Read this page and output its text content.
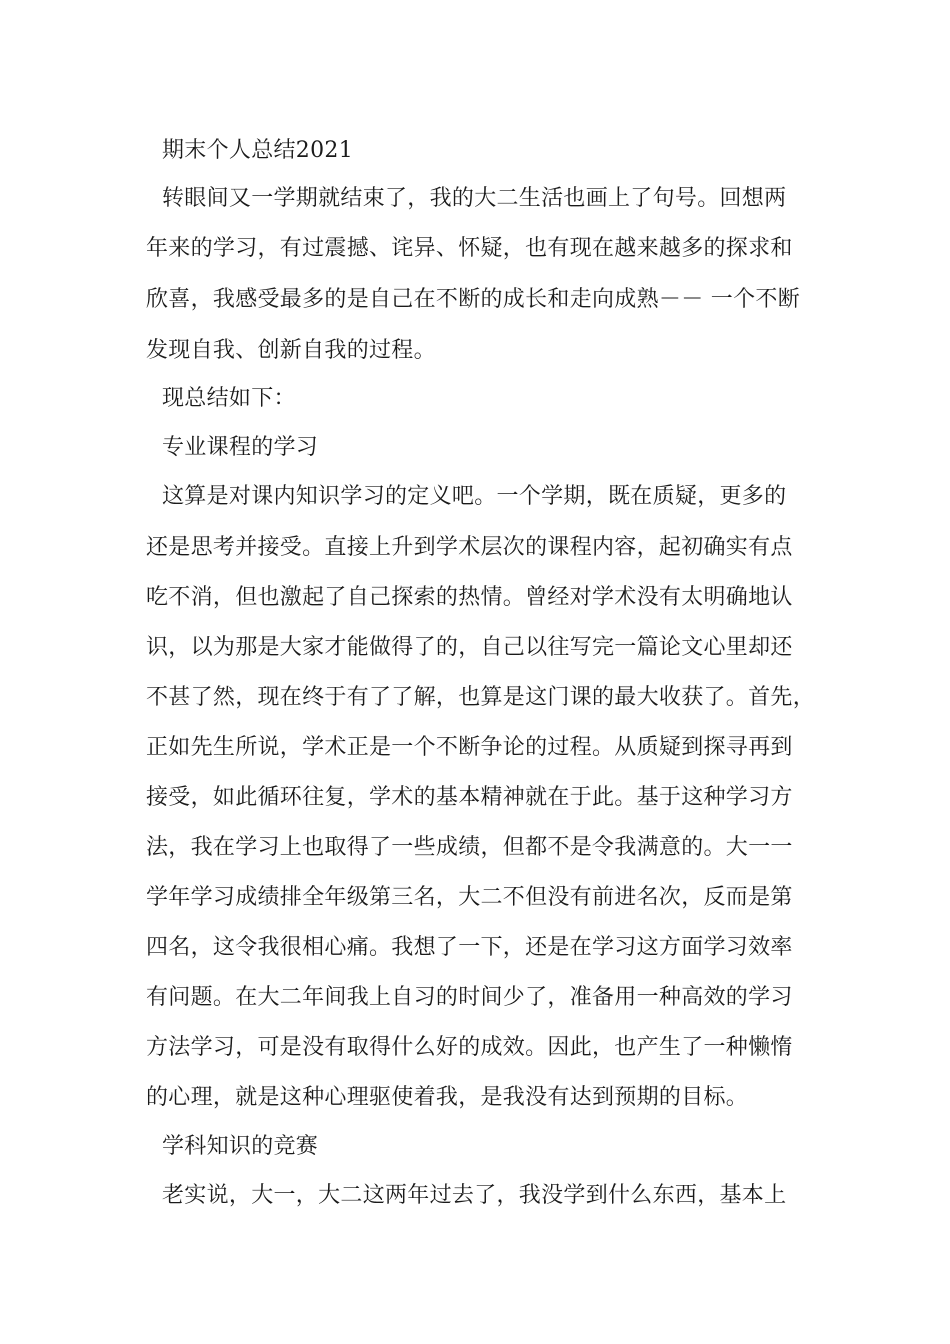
期末个人总结2021
转眼间又一学期就结束了，我的大二生活也画上了句号。回想两
年来的学习，有过震撼、诧异、怀疑，也有现在越来越多的探求和
欣喜，我感受最多的是自己在不断的成长和走向成熟－－ 一个不断
发现自我、创新自我的过程。
现总结如下：
专业课程的学习
这算是对课内知识学习的定义吧。一个学期，既在质疑，更多的
还是思考并接受。直接上升到学术层次的课程内容，起初确实有点
吃不消，但也激起了自己探索的热情。曾经对学术没有太明确地认
识，以为那是大家才能做得了的，自己以往写完一篇论文心里却还
不甚了然，现在终于有了了解，也算是这门课的最大收获了。首先，
正如先生所说，学术正是一个不断争论的过程。从质疑到探寻再到
接受，如此循环往复，学术的基本精神就在于此。基于这种学习方
法，我在学习上也取得了一些成绩，但都不是令我满意的。大一一
学年学习成绩排全年级第三名，大二不但没有前进名次，反而是第
四名，这令我很相心痛。我想了一下，还是在学习这方面学习效率
有问题。在大二年间我上自习的时间少了，准备用一种高效的学习
方法学习，可是没有取得什么好的成效。因此，也产生了一种懒惰
的心理，就是这种心理驱使着我，是我没有达到预期的目标。
学科知识的竞赛
老实说，大一，大二这两年过去了，我没学到什么东西，基本上
